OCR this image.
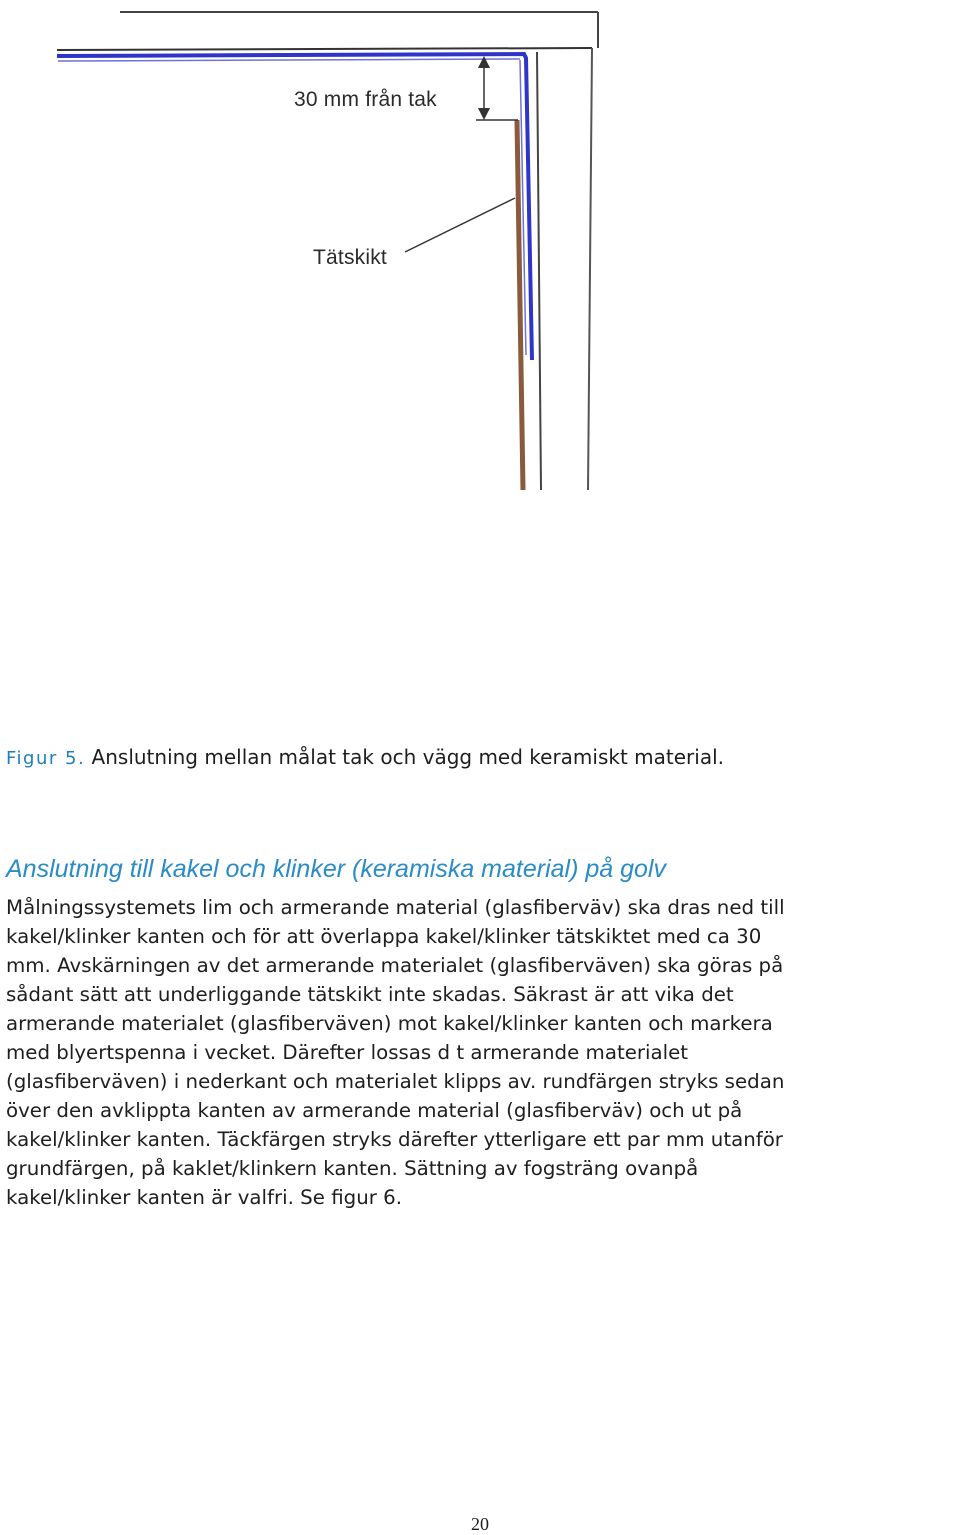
30 mm från tak
Tätskikt
Figur 5. Anslutning mellan målat tak och vägg med keramiskt material.
Anslutning till kakel och klinker (keramiska material) på golv
Målningssystemets lim och armerande material (glasfiberväv) ska dras ned till
kakel/klinker kanten och för att överlappa kakel/klinker tätskiktet med ca 30
mm. Avskärningen av det armerande materialet (glasfiberväven) ska göras på
sådant sätt att underliggande tätskikt inte skadas. Säkrast är att vika det
armerande materialet (glasfiberväven) mot kakel/klinker kanten och markera
med blyertspenna i vecket. Därefter lossas d t armerande materialet
(glasfiberväven) i nederkant och materialet klipps av. rundfärgen stryks sedan
över den avklippta kanten av armerande material (glasfiberväv) och ut på
kakel/klinker kanten. Täckfärgen stryks därefter ytterligare ett par mm utanför
grundfärgen, på kaklet/klinkern kanten. Sättning av fogsträng ovanpå
kakel/klinker kanten är valfri. Se figur 6.
20
